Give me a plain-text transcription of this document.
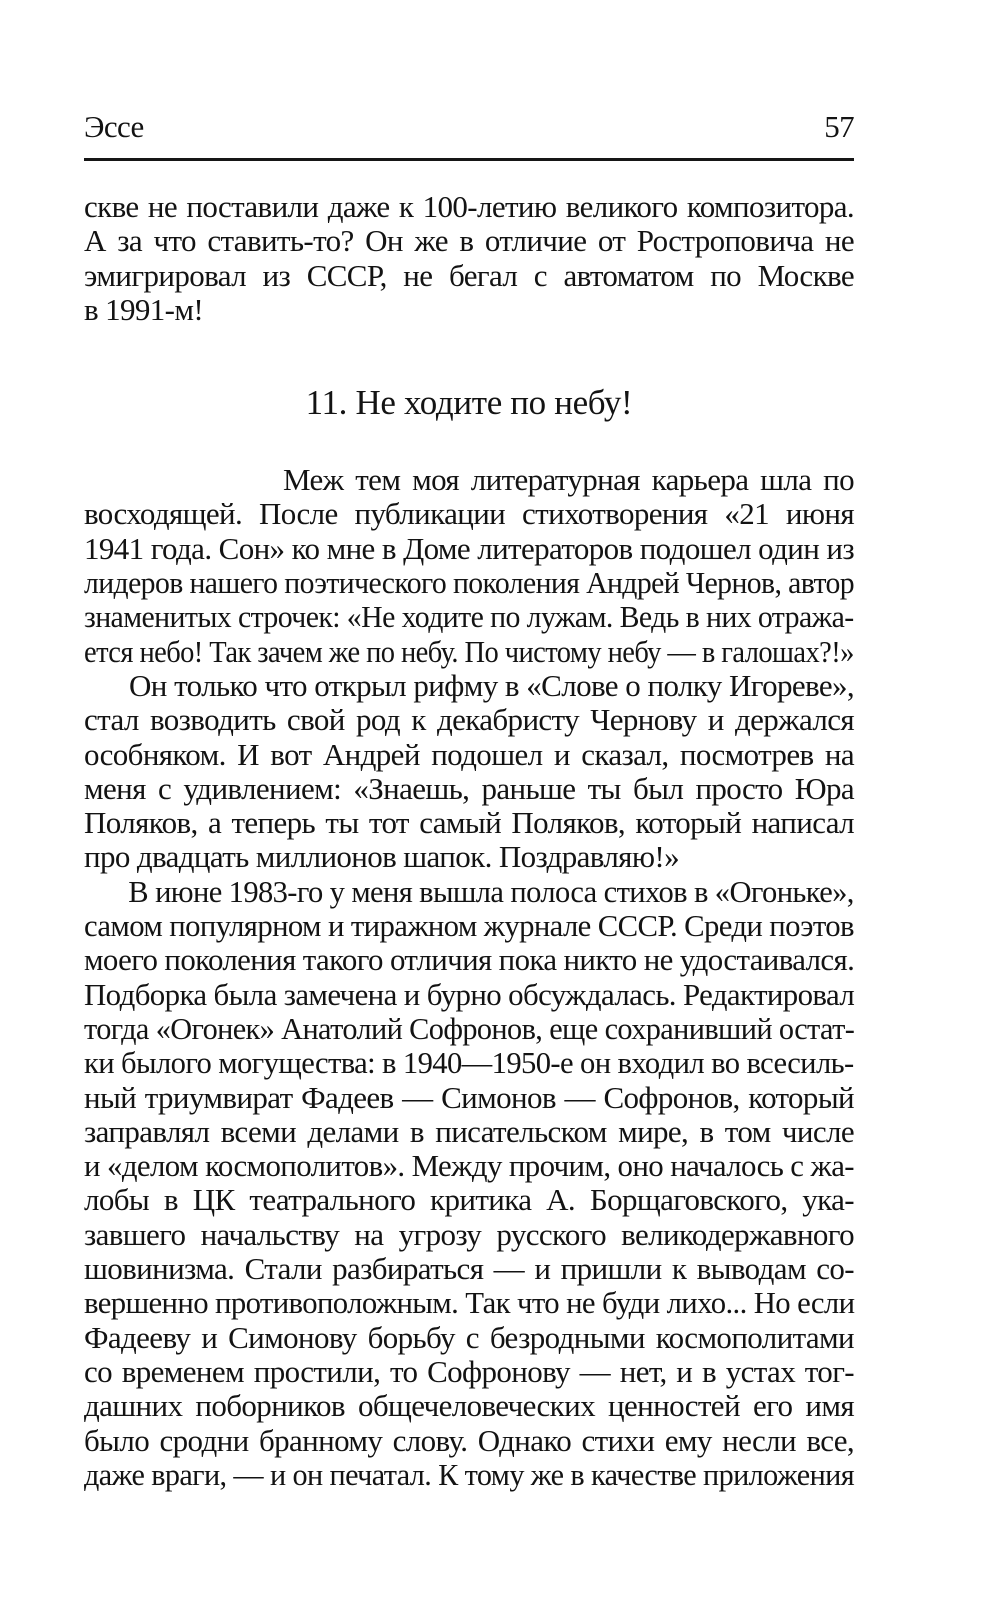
Эссе	57
скве не поставили даже к 100-летию великого композитора.
А за что ставить-то? Он же в отличие от Ростроповича не
эмигрировал из СССР, не бегал с автоматом по Москве
в 1991-м!
11. Не ходите по небу!
Меж тем моя литературная карьера шла по
восходящей. После публикации стихотворения «21 июня
1941 года. Сон» ко мне в Доме литераторов подошел один из
лидеров нашего поэтического поколения Андрей Чернов, автор
знаменитых строчек: «Не ходите по лужам. Ведь в них отража-
ется небо! Так зачем же по небу. По чистому небу — в галошах?!»
Он только что открыл рифму в «Слове о полку Игореве»,
стал возводить свой род к декабристу Чернову и держался
особняком. И вот Андрей подошел и сказал, посмотрев на
меня с удивлением: «Знаешь, раньше ты был просто Юра
Поляков, а теперь ты тот самый Поляков, который написал
про двадцать миллионов шапок. Поздравляю!»
В июне 1983-го у меня вышла полоса стихов в «Огоньке»,
самом популярном и тиражном журнале СССР. Среди поэтов
моего поколения такого отличия пока никто не удостаивался.
Подборка была замечена и бурно обсуждалась. Редактировал
тогда «Огонек» Анатолий Софронов, еще сохранивший остат-
ки былого могущества: в 1940—1950-е он входил во всесиль-
ный триумвират Фадеев — Симонов — Софронов, который
заправлял всеми делами в писательском мире, в том числе
и «делом космополитов». Между прочим, оно началось с жа-
лобы в ЦК театрального критика А. Борщаговского, ука-
завшего начальству на угрозу русского великодержавного
шовинизма. Стали разбираться — и пришли к выводам со-
вершенно противоположным. Так что не буди лихо... Но если
Фадееву и Симонову борьбу с безродными космополитами
со временем простили, то Софронову — нет, и в устах тог-
дашних поборников общечеловеческих ценностей его имя
было сродни бранному слову. Однако стихи ему несли все,
даже враги, — и он печатал. К тому же в качестве приложения
